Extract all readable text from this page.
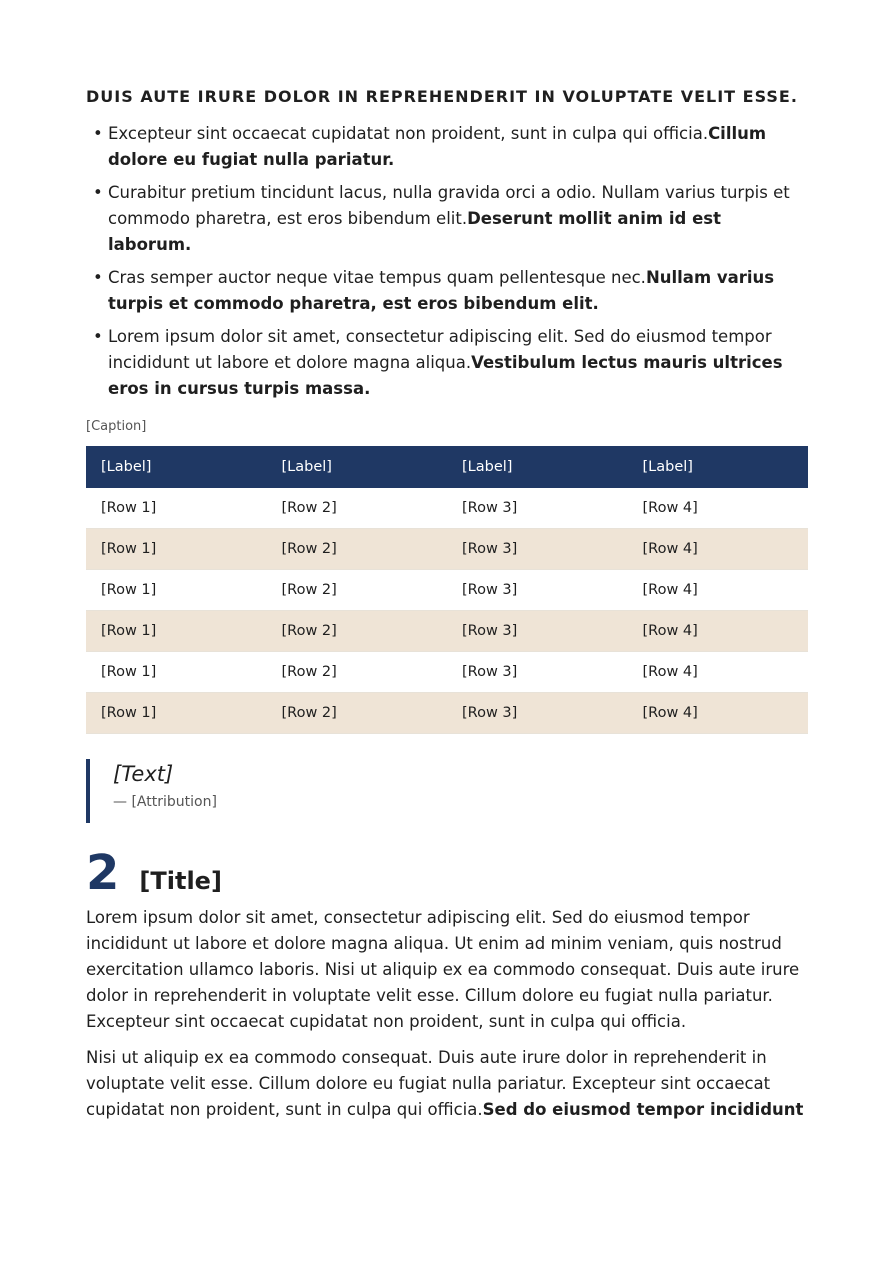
DUIS AUTE IRURE DOLOR IN REPREHENDERIT IN VOLUPTATE VELIT ESSE.
• Excepteur sint occaecat cupidatat non proident, sunt in culpa qui officia.Cillum dolore eu fugiat nulla pariatur.
• Curabitur pretium tincidunt lacus, nulla gravida orci a odio. Nullam varius turpis et commodo pharetra, est eros bibendum elit.Deserunt mollit anim id est laborum.
• Cras semper auctor neque vitae tempus quam pellentesque nec.Nullam varius turpis et commodo pharetra, est eros bibendum elit.
• Lorem ipsum dolor sit amet, consectetur adipiscing elit. Sed do eiusmod tempor incididunt ut labore et dolore magna aliqua.Vestibulum lectus mauris ultrices eros in cursus turpis massa.
[Caption]
[Label]	[Label]	[Label]	[Label]
[Row 1]	[Row 2]	[Row 3]	[Row 4]
[Row 1]	[Row 2]	[Row 3]	[Row 4]
[Row 1]	[Row 2]	[Row 3]	[Row 4]
[Row 1]	[Row 2]	[Row 3]	[Row 4]
[Row 1]	[Row 2]	[Row 3]	[Row 4]
[Row 1]	[Row 2]	[Row 3]	[Row 4]
[Text]
— [Attribution]
2 [Title]

Lorem ipsum dolor sit amet, consectetur adipiscing elit. Sed do eiusmod tempor incididunt ut labore et dolore magna aliqua. Ut enim ad minim veniam, quis nostrud exercitation ullamco laboris. Nisi ut aliquip ex ea commodo consequat. Duis aute irure dolor in reprehenderit in voluptate velit esse. Cillum dolore eu fugiat nulla pariatur. Excepteur sint occaecat cupidatat non proident, sunt in culpa qui officia.

Nisi ut aliquip ex ea commodo consequat. Duis aute irure dolor in reprehenderit in voluptate velit esse. Cillum dolore eu fugiat nulla pariatur. Excepteur sint occaecat cupidatat non proident, sunt in culpa qui officia.Sed do eiusmod tempor incididunt
